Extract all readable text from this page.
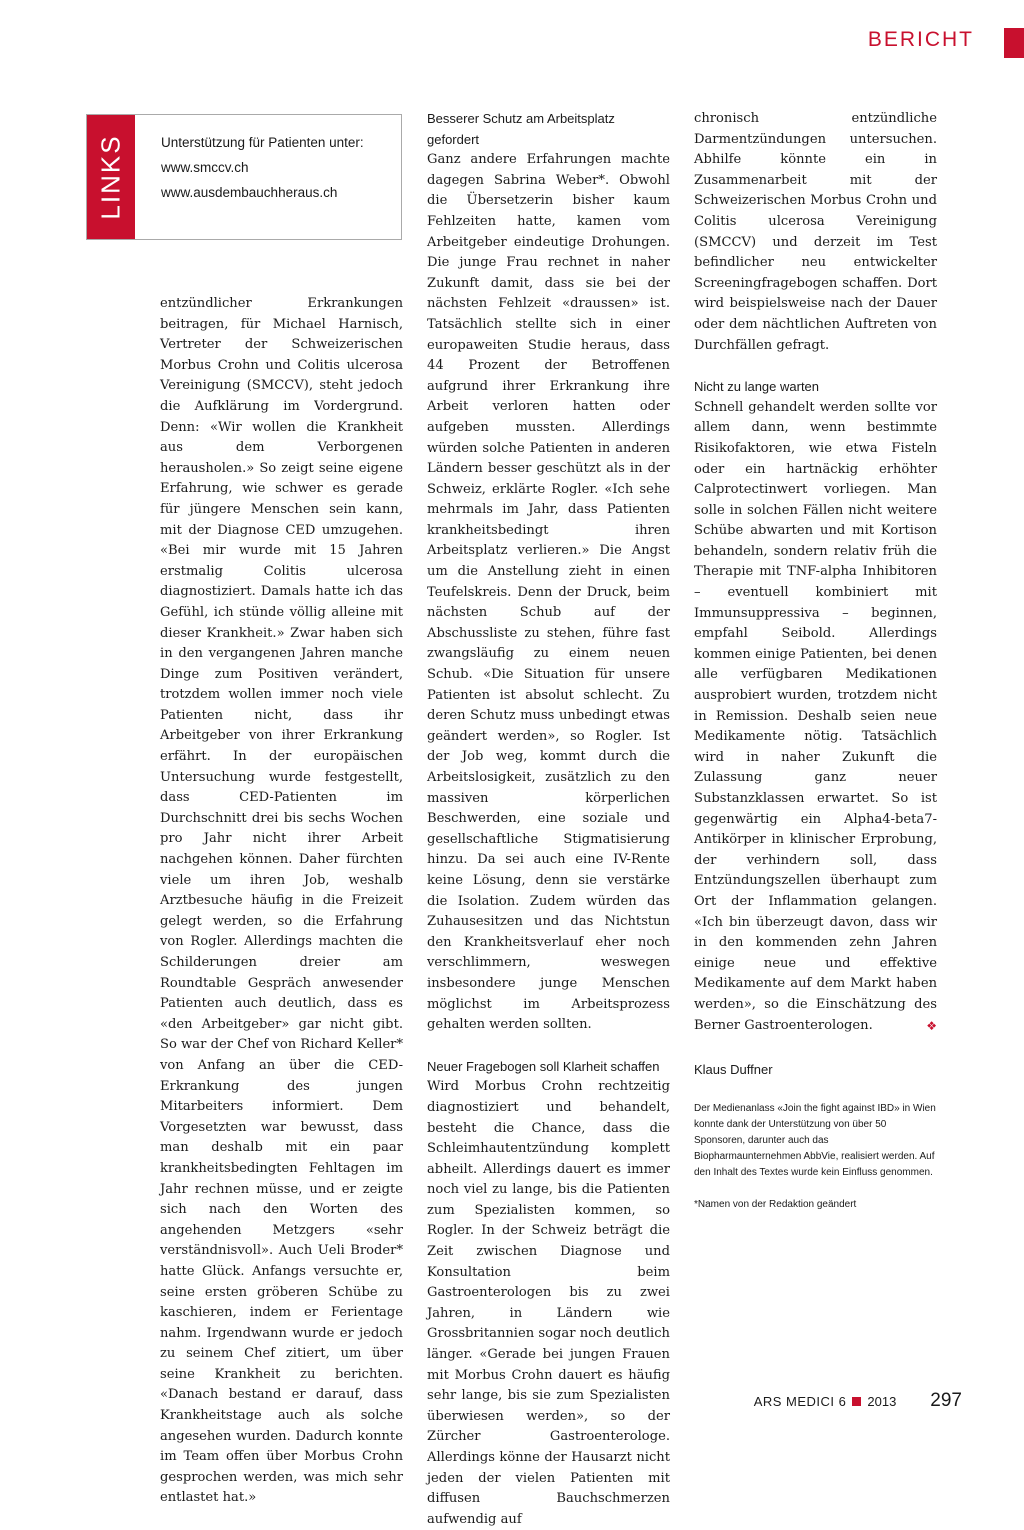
BERICHT
LINKS	Unterstützung für Patienten unter:

www.smccv.ch

www.ausdembauchheraus.ch

entzündlicher Erkrankungen beitragen, für Michael Harnisch, Vertreter der Schweizerischen Morbus Crohn und Colitis ulcerosa Vereinigung (SMCCV), steht jedoch die Aufklärung im Vordergrund. Denn: «Wir wollen die Krankheit aus dem Verborgenen herausholen.» So zeigt seine eigene Erfahrung, wie schwer es gerade für jüngere Menschen sein kann, mit der Diagnose CED umzugehen. «Bei mir wurde mit 15 Jahren erstmalig Colitis ulcerosa diagnostiziert. Damals hatte ich das Gefühl, ich stünde völlig alleine mit dieser Krankheit.» Zwar haben sich in den vergangenen Jahren manche Dinge zum Positiven verändert, trotzdem wollen immer noch viele Patienten nicht, dass ihr Arbeitgeber von ihrer Erkrankung erfährt. In der europäischen Untersuchung wurde festgestellt, dass CED-Patienten im Durchschnitt drei bis sechs Wochen pro Jahr nicht ihrer Arbeit nachgehen können. Daher fürchten viele um ihren Job, weshalb Arztbesuche häufig in die Freizeit gelegt werden, so die Erfahrung von Rogler. Allerdings machten die Schilderungen dreier am Roundtable Gespräch anwesender Patienten auch deutlich, dass es «den Arbeitgeber» gar nicht gibt. So war der Chef von Richard Keller* von Anfang an über die CED-Erkrankung des jungen Mitarbeiters informiert. Dem Vorgesetzten war bewusst, dass man deshalb mit ein paar krankheitsbedingten Fehltagen im Jahr rechnen müsse, und er zeigte sich nach den Worten des angehenden Metzgers «sehr verständnisvoll». Auch Ueli Broder* hatte Glück. Anfangs versuchte er, seine ersten gröberen Schübe zu kaschieren, indem er Ferientage nahm. Irgendwann wurde er jedoch zu seinem Chef zitiert, um über seine Krankheit zu berichten. «Danach bestand er darauf, dass Krankheitstage auch als solche angesehen wurden. Dadurch konnte im Team offen über Morbus Crohn gesprochen werden, was mich sehr entlastet hat.»

Besserer Schutz am Arbeitsplatz gefordert

Ganz andere Erfahrungen machte dagegen Sabrina Weber*. Obwohl die Übersetzerin bisher kaum Fehlzeiten hatte, kamen vom Arbeitgeber eindeutige Drohungen. Die junge Frau rechnet in naher Zukunft damit, dass sie bei der nächsten Fehlzeit «draussen» ist. Tatsächlich stellte sich in einer europaweiten Studie heraus, dass 44 Prozent der Betroffenen aufgrund ihrer Erkrankung ihre Arbeit verloren hatten oder aufgeben mussten. Allerdings würden solche Patienten in anderen Ländern besser geschützt als in der Schweiz, erklärte Rogler. «Ich sehe mehrmals im Jahr, dass Patienten krankheitsbedingt ihren Arbeitsplatz verlieren.» Die Angst um die Anstellung zieht in einen Teufelskreis. Denn der Druck, beim nächsten Schub auf der Abschussliste zu stehen, führe fast zwangsläufig zu einem neuen Schub. «Die Situation für unsere Patienten ist absolut schlecht. Zu deren Schutz muss unbedingt etwas geändert werden», so Rogler. Ist der Job weg, kommt durch die Arbeitslosigkeit, zusätzlich zu den massiven körperlichen Beschwerden, eine soziale und gesellschaftliche Stigmatisierung hinzu. Da sei auch eine IV-Rente keine Lösung, denn sie verstärke die Isolation. Zudem würden das Zuhausesitzen und das Nichtstun den Krankheitsverlauf eher noch verschlimmern, weswegen insbesondere junge Menschen möglichst im Arbeitsprozess gehalten werden sollten.

Neuer Fragebogen soll Klarheit schaffen

Wird Morbus Crohn rechtzeitig diagnostiziert und behandelt, besteht die Chance, dass die Schleimhautentzündung komplett abheilt. Allerdings dauert es immer noch viel zu lange, bis die Patienten zum Spezialisten kommen, so Rogler. In der Schweiz beträgt die Zeit zwischen Diagnose und Konsultation beim Gastroenterologen bis zu zwei Jahren, in Ländern wie Grossbritannien sogar noch deutlich länger. «Gerade bei jungen Frauen mit Morbus Crohn dauert es häufig sehr lange, bis sie zum Spezialisten überwiesen werden», so der Zürcher Gastroenterologe. Allerdings könne der Hausarzt nicht jeden der vielen Patienten mit diffusen Bauchschmerzen aufwendig auf

chronisch entzündliche Darmentzündungen untersuchen. Abhilfe könnte ein in Zusammenarbeit mit der Schweizerischen Morbus Crohn und Colitis ulcerosa Vereinigung (SMCCV) und derzeit im Test befindlicher neu entwickelter Screeningfragebogen schaffen. Dort wird beispielsweise nach der Dauer oder dem nächtlichen Auftreten von Durchfällen gefragt.

Nicht zu lange warten

Schnell gehandelt werden sollte vor allem dann, wenn bestimmte Risikofaktoren, wie etwa Fisteln oder ein hartnäckig erhöhter Calprotectinwert vorliegen. Man solle in solchen Fällen nicht weitere Schübe abwarten und mit Kortison behandeln, sondern relativ früh die Therapie mit TNF-alpha Inhibitoren – eventuell kombiniert mit Immunsuppressiva – beginnen, empfahl Seibold. Allerdings kommen einige Patienten, bei denen alle verfügbaren Medikationen ausprobiert wurden, trotzdem nicht in Remission. Deshalb seien neue Medikamente nötig. Tatsächlich wird in naher Zukunft die Zulassung ganz neuer Substanzklassen erwartet. So ist gegenwärtig ein Alpha4-beta7-Antikörper in klinischer Erprobung, der verhindern soll, dass Entzündungszellen überhaupt zum Ort der Inflammation gelangen. «Ich bin überzeugt davon, dass wir in den kommenden zehn Jahren einige neue und effektive Medikamente auf dem Markt haben werden», so die Einschätzung des Berner Gastroenterologen.	❖

Klaus Duffner

Der Medienanlass «Join the fight against IBD» in Wien konnte dank der Unterstützung von über 50 Sponsoren, darunter auch das Biopharmaunternehmen AbbVie, realisiert werden. Auf den Inhalt des Textes wurde kein Einfluss genommen.

*Namen von der Redaktion geändert

ARS MEDICI 6 2013 297
